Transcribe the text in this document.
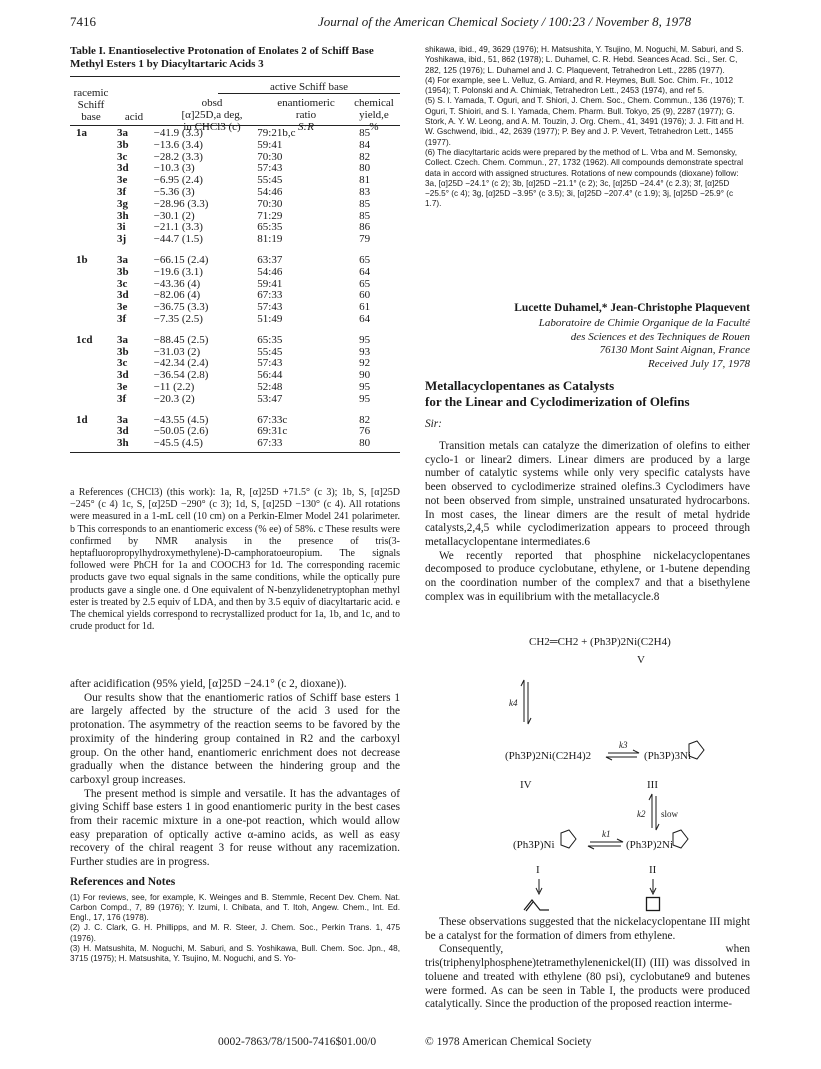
7416	Journal of the American Chemical Society / 100:23 / November 8, 1978
Table I. Enantioselective Protonation of Enolates 2 of Schiff Base Methyl Esters 1 by Diacyltartaric Acids 3
active Schiff base
racemic
Schiff
base	acid
obsd
[α]25D,a deg,
in CHCl3 (c)
enantiomeric
ratio
S:R
chemical
yield,e
%
1a	3a	−41.9 (3.3)	79:21b,c	85
	3b	−13.6 (3.4)	59:41	84
	3c	−28.2 (3.3)	70:30	82
	3d	−10.3 (3)	57:43	80
	3e	−6.95 (2.4)	55:45	81
	3f	−5.36 (3)	54:46	83
	3g	−28.96 (3.3)	70:30	85
	3h	−30.1 (2)	71:29	85
	3i	−21.1 (3.3)	65:35	86
	3j	−44.7 (1.5)	81:19	79

1b	3a	−66.15 (2.4)	63:37	65
	3b	−19.6 (3.1)	54:46	64
	3c	−43.36 (4)	59:41	65
	3d	−82.06 (4)	67:33	60
	3e	−36.75 (3.3)	57:43	61
	3f	−7.35 (2.5)	51:49	64

1cd	3a	−88.45 (2.5)	65:35	95
	3b	−31.03 (2)	55:45	93
	3c	−42.34 (2.4)	57:43	92
	3d	−36.54 (2.8)	56:44	90
	3e	−11 (2.2)	52:48	95
	3f	−20.3 (2)	53:47	95

1d	3a	−43.55 (4.5)	67:33c	82
	3d	−50.05 (2.6)	69:31c	76
	3h	−45.5 (4.5)	67:33	80
a References (CHCl3) (this work): 1a, R, [α]25D +71.5° (c 3); 1b, S, [α]25D −245° (c 4) 1c, S, [α]25D −290° (c 3); 1d, S, [α]25D −130° (c 4). All rotations were measured in a 1-mL cell (10 cm) on a Perkin-Elmer Model 241 polarimeter. b This corresponds to an enantiomeric excess (% ee) of 58%. c These results were confirmed by NMR analysis in the presence of tris(3-heptafluoropropylhydroxymethylene)-D-camphoratoeuropium. The signals followed were PhCH for 1a and COOCH3 for 1d. The corresponding racemic products gave two equal signals in the same conditions, while the optically pure products gave a single one. d One equivalent of N-benzylidenetryptophan methyl ester is treated by 2.5 equiv of LDA, and then by 3.5 equiv of diacyltartaric acid. e The chemical yields correspond to recrystallized product for 1a, 1b, and 1c, and to crude product for 1d.

after acidification (95% yield, [α]25D −24.1° (c 2, dioxane)).

Our results show that the enantiomeric ratios of Schiff base esters 1 are largely affected by the structure of the acid 3 used for the protonation. The asymmetry of the reaction seems to be favored by the proximity of the hindering group contained in R2 and the carboxyl group. On the other hand, enantiomeric enrichment does not decrease gradually when the distance between the hindering group and the carboxyl group increases.

The present method is simple and versatile. It has the advantages of giving Schiff base esters 1 in good enantiomeric purity in the best cases from their racemic mixture in a one-pot reaction, which would allow easy preparation of optically active α-amino acids, as well as easy recovery of the chiral reagent 3 for reuse without any racemization. Further studies are in progress.

References and Notes
(1) For reviews, see, for example, K. Weinges and B. Stemmle, Recent Dev. Chem. Nat. Carbon Compd., 7, 89 (1976); Y. Izumi, I. Chibata, and T. Itoh, Angew. Chem., Int. Ed. Engl., 17, 176 (1978).
(2) J. C. Clark, G. H. Phillipps, and M. R. Steer, J. Chem. Soc., Perkin Trans. 1, 475 (1976).
(3) H. Matsushita, M. Noguchi, M. Saburi, and S. Yoshikawa, Bull. Chem. Soc. Jpn., 48, 3715 (1975); H. Matsushita, Y. Tsujino, M. Noguchi, and S. Yo-
shikawa, ibid., 49, 3629 (1976); H. Matsushita, Y. Tsujino, M. Noguchi, M. Saburi, and S. Yoshikawa, ibid., 51, 862 (1978); L. Duhamel, C. R. Hebd. Seances Acad. Sci., Ser. C, 282, 125 (1976); L. Duhamel and J. C. Plaquevent, Tetrahedron Lett., 2285 (1977).
(4) For example, see L. Velluz, G. Amiard, and R. Heymes, Bull. Soc. Chim. Fr., 1012 (1954); T. Polonski and A. Chimiak, Tetrahedron Lett., 2453 (1974), and ref 5.
(5) S. I. Yamada, T. Oguri, and T. Shiori, J. Chem. Soc., Chem. Commun., 136 (1976); T. Oguri, T. Shioiri, and S. I. Yamada, Chem. Pharm. Bull. Tokyo, 25 (9), 2287 (1977); G. Stork, A. Y. W. Leong, and A. M. Touzin, J. Org. Chem., 41, 3491 (1976); J. J. Fitt and H. W. Gschwend, ibid., 42, 2639 (1977); P. Bey and J. P. Vevert, Tetrahedron Lett., 1455 (1977).
(6) The diacyltartaric acids were prepared by the method of L. Vrba and M. Semonsky, Collect. Czech. Chem. Commun., 27, 1732 (1962). All compounds demonstrate spectral data in accord with assigned structures. Rotations of new compounds (dioxane) follow: 3a, [α]25D −24.1° (c 2); 3b, [α]25D −21.1° (c 2); 3c, [α]25D −24.4° (c 2.3); 3f, [α]25D −25.5° (c 4); 3g, [α]25D −3.95° (c 3.5); 3i, [α]25D −207.4° (c 1.9); 3j, [α]25D −25.9° (c 1.7).
Lucette Duhamel,* Jean-Christophe Plaquevent
Laboratoire de Chimie Organique de la Faculté
des Sciences et des Techniques de Rouen
76130 Mont Saint Aignan, France
Received July 17, 1978
Metallacyclopentanes as Catalysts
for the Linear and Cyclodimerization of Olefins
Sir:

Transition metals can catalyze the dimerization of olefins to either cyclo-1 or linear2 dimers. Linear dimers are produced by a large number of catalytic systems while only very specific catalysts have been observed to cyclodimerize strained olefins.3 Cyclodimers have not been observed from simple, unstrained unsaturated hydrocarbons. In most cases, the linear dimers are the result of metal hydride catalysts,2,4,5 while cyclodimerization appears to proceed through metallacyclopentane intermediates.6

We recently reported that phosphine nickelacyclopentanes decomposed to produce cyclobutane, ethylene, or 1-butene depending on the coordination number of the complex7 and that a bisethylene complex was in equilibrium with the metallacycle.8

CH2═CH2 + (Ph3P)2Ni(C2H4)
V
k4
(Ph3P)2Ni(C2H4)2
k3
(Ph3P)3Ni
IV	III
k2 slow
(Ph3P)Ni
k1
(Ph3P)2Ni
I	II

These observations suggested that the nickelacyclopentane III might be a catalyst for the formation of dimers from ethylene.

Consequently, when tris(triphenylphosphene)tetramethylenenickel(II) (III) was dissolved in toluene and treated with ethylene (80 psi), cyclobutane9 and butenes were formed. As can be seen in Table I, the products were produced catalytically. Since the production of the proposed reaction interme-

0002-7863/78/1500-7416$01.00/0	© 1978 American Chemical Society
